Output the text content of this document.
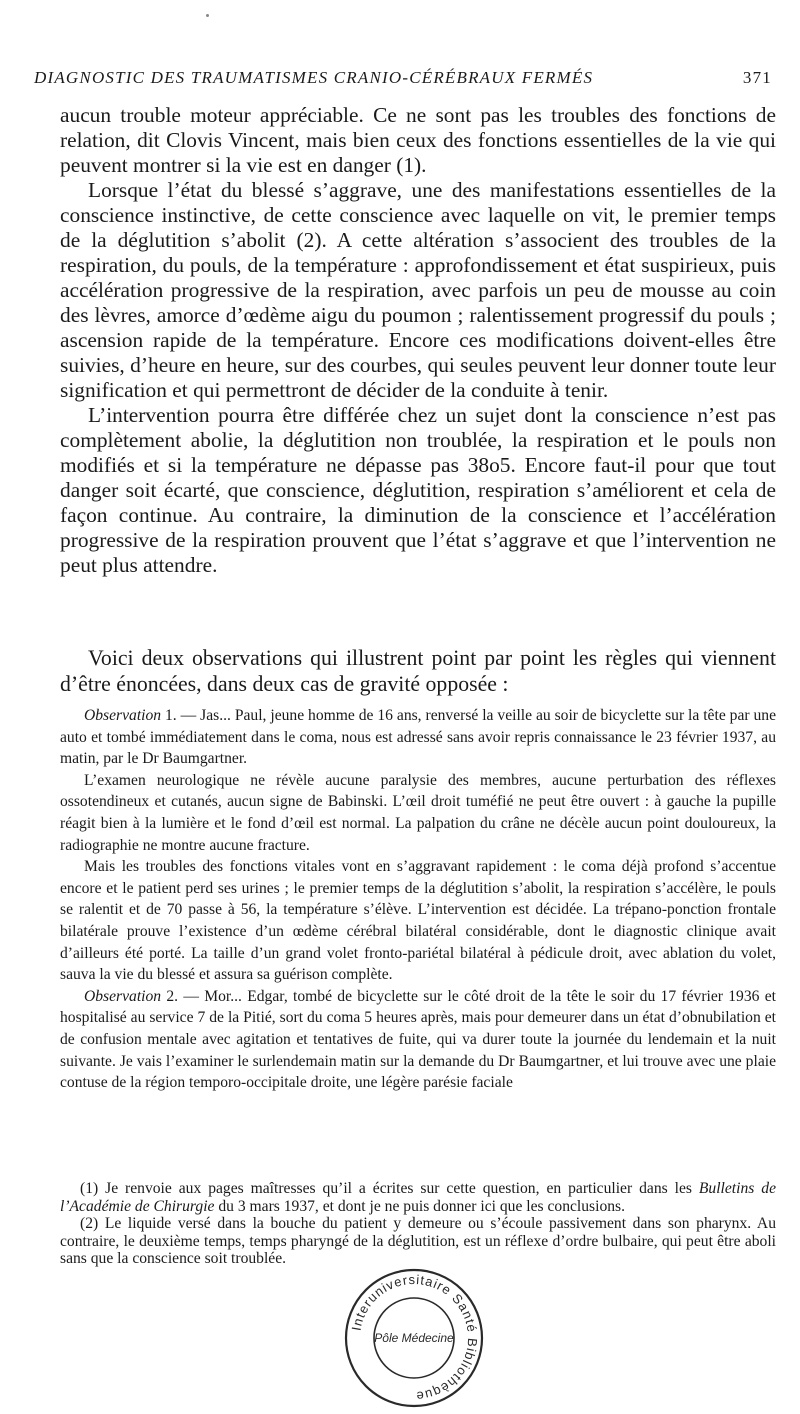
DIAGNOSTIC DES TRAUMATISMES CRANIO-CÉRÉBRAUX FERMÉS	371

aucun trouble moteur appréciable. Ce ne sont pas les troubles des fonctions de relation, dit Clovis Vincent, mais bien ceux des fonctions essentielles de la vie qui peuvent montrer si la vie est en danger (1).

Lorsque l’état du blessé s’aggrave, une des manifestations essentielles de la conscience instinctive, de cette conscience avec laquelle on vit, le premier temps de la déglutition s’abolit (2). A cette altération s’associent des troubles de la respiration, du pouls, de la température : approfondissement et état suspirieux, puis accélération progressive de la respiration, avec parfois un peu de mousse au coin des lèvres, amorce d’œdème aigu du poumon ; ralentissement progressif du pouls ; ascension rapide de la température. Encore ces modifications doivent-elles être suivies, d’heure en heure, sur des courbes, qui seules peuvent leur donner toute leur signification et qui permettront de décider de la conduite à tenir.

L’intervention pourra être différée chez un sujet dont la conscience n’est pas complètement abolie, la déglutition non troublée, la respiration et le pouls non modifiés et si la température ne dépasse pas 38o5. Encore faut-il pour que tout danger soit écarté, que conscience, déglutition, respiration s’améliorent et cela de façon continue. Au contraire, la diminution de la conscience et l’accélération progressive de la respiration prouvent que l’état s’aggrave et que l’intervention ne peut plus attendre.

Voici deux observations qui illustrent point par point les règles qui viennent d’être énoncées, dans deux cas de gravité opposée :

Observation 1. — Jas... Paul, jeune homme de 16 ans, renversé la veille au soir de bicyclette sur la tête par une auto et tombé immédiatement dans le coma, nous est adressé sans avoir repris connaissance le 23 février 1937, au matin, par le Dr Baumgartner.

L’examen neurologique ne révèle aucune paralysie des membres, aucune perturbation des réflexes ossotendineux et cutanés, aucun signe de Babinski. L’œil droit tuméfié ne peut être ouvert : à gauche la pupille réagit bien à la lumière et le fond d’œil est normal. La palpation du crâne ne décèle aucun point douloureux, la radiographie ne montre aucune fracture.

Mais les troubles des fonctions vitales vont en s’aggravant rapidement : le coma déjà profond s’accentue encore et le patient perd ses urines ; le premier temps de la déglutition s’abolit, la respiration s’accélère, le pouls se ralentit et de 70 passe à 56, la température s’élève. L’intervention est décidée. La trépano-ponction frontale bilatérale prouve l’existence d’un œdème cérébral bilatéral considérable, dont le diagnostic clinique avait d’ailleurs été porté. La taille d’un grand volet fronto-pariétal bilatéral à pédicule droit, avec ablation du volet, sauva la vie du blessé et assura sa guérison complète.

Observation 2. — Mor... Edgar, tombé de bicyclette sur le côté droit de la tête le soir du 17 février 1936 et hospitalisé au service 7 de la Pitié, sort du coma 5 heures après, mais pour demeurer dans un état d’obnubilation et de confusion mentale avec agitation et tentatives de fuite, qui va durer toute la journée du lendemain et la nuit suivante. Je vais l’examiner le surlendemain matin sur la demande du Dr Baumgartner, et lui trouve avec une plaie contuse de la région temporo-occipitale droite, une légère parésie faciale

(1) Je renvoie aux pages maîtresses qu’il a écrites sur cette question, en particulier dans les Bulletins de l’Académie de Chirurgie du 3 mars 1937, et dont je ne puis donner ici que les conclusions.

(2) Le liquide versé dans la bouche du patient y demeure ou s’écoule passivement dans son pharynx. Au contraire, le deuxième temps, temps pharyngé de la déglutition, est un réflexe d’ordre bulbaire, qui peut être aboli sans que la conscience soit troublée.

Interuniversitaire Santé Bibliothèque
Pôle Médecine
